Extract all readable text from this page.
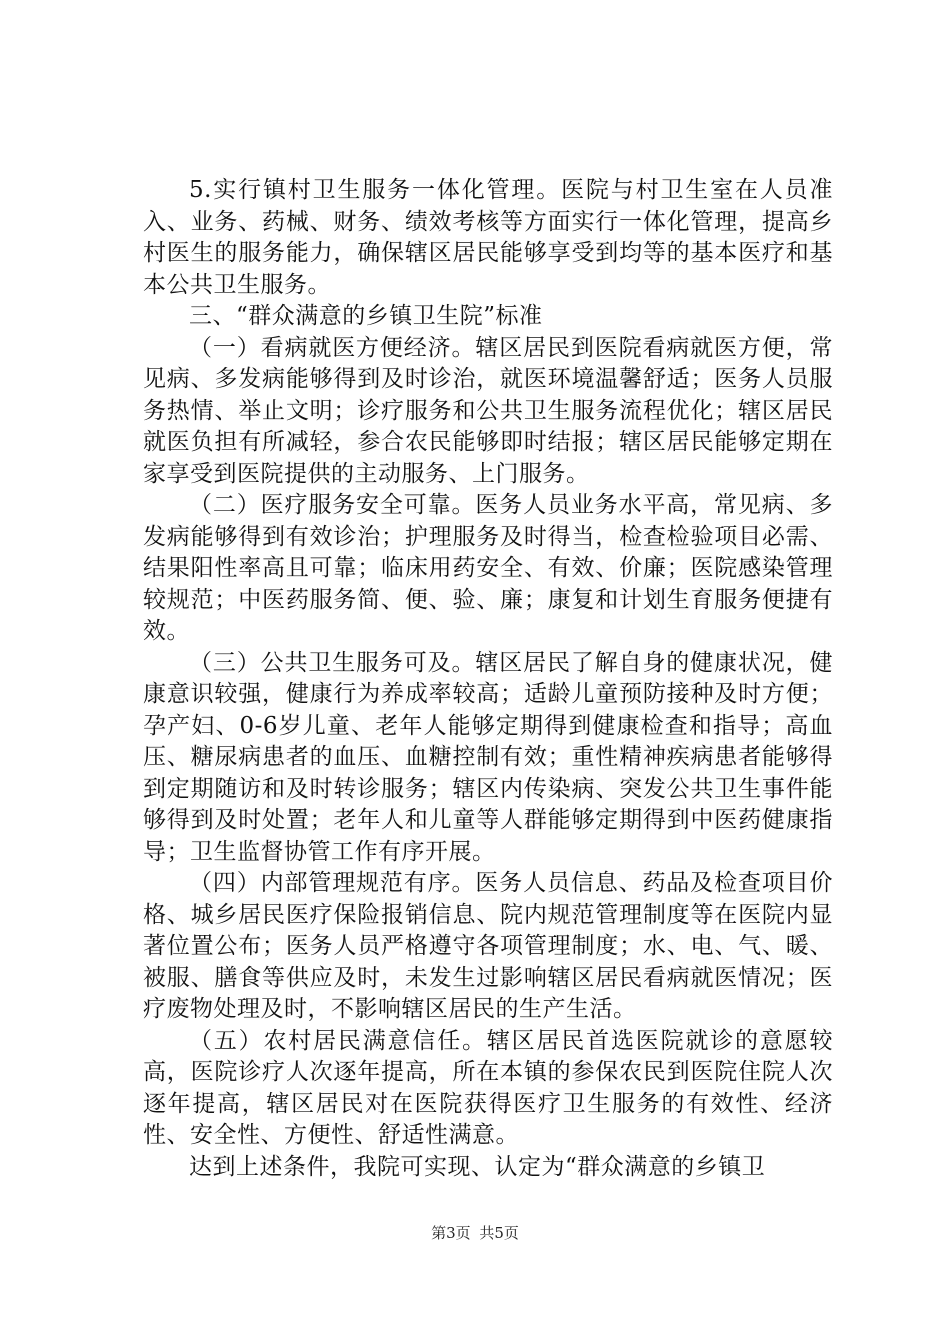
5.实行镇村卫生服务一体化管理。医院与村卫生室在人员准入、业务、药械、财务、绩效考核等方面实行一体化管理，提高乡村医生的服务能力，确保辖区居民能够享受到均等的基本医疗和基本公共卫生服务。

三、“群众满意的乡镇卫生院”标准

（一）看病就医方便经济。辖区居民到医院看病就医方便，常见病、多发病能够得到及时诊治，就医环境温馨舒适；医务人员服务热情、举止文明；诊疗服务和公共卫生服务流程优化；辖区居民就医负担有所减轻，参合农民能够即时结报；辖区居民能够定期在家享受到医院提供的主动服务、上门服务。

（二）医疗服务安全可靠。医务人员业务水平高，常见病、多发病能够得到有效诊治；护理服务及时得当，检查检验项目必需、结果阳性率高且可靠；临床用药安全、有效、价廉；医院感染管理较规范；中医药服务简、便、验、廉；康复和计划生育服务便捷有效。

（三）公共卫生服务可及。辖区居民了解自身的健康状况，健康意识较强，健康行为养成率较高；适龄儿童预防接种及时方便；孕产妇、0-6岁儿童、老年人能够定期得到健康检查和指导；高血压、糖尿病患者的血压、血糖控制有效；重性精神疾病患者能够得到定期随访和及时转诊服务；辖区内传染病、突发公共卫生事件能够得到及时处置；老年人和儿童等人群能够定期得到中医药健康指导；卫生监督协管工作有序开展。

（四）内部管理规范有序。医务人员信息、药品及检查项目价格、城乡居民医疗保险报销信息、院内规范管理制度等在医院内显著位置公布；医务人员严格遵守各项管理制度；水、电、气、暖、被服、膳食等供应及时，未发生过影响辖区居民看病就医情况；医疗废物处理及时，不影响辖区居民的生产生活。

（五）农村居民满意信任。辖区居民首选医院就诊的意愿较高，医院诊疗人次逐年提高，所在本镇的参保农民到医院住院人次逐年提高，辖区居民对在医院获得医疗卫生服务的有效性、经济性、安全性、方便性、舒适性满意。

达到上述条件，我院可实现、认定为“群众满意的乡镇卫

第3页 共5页
